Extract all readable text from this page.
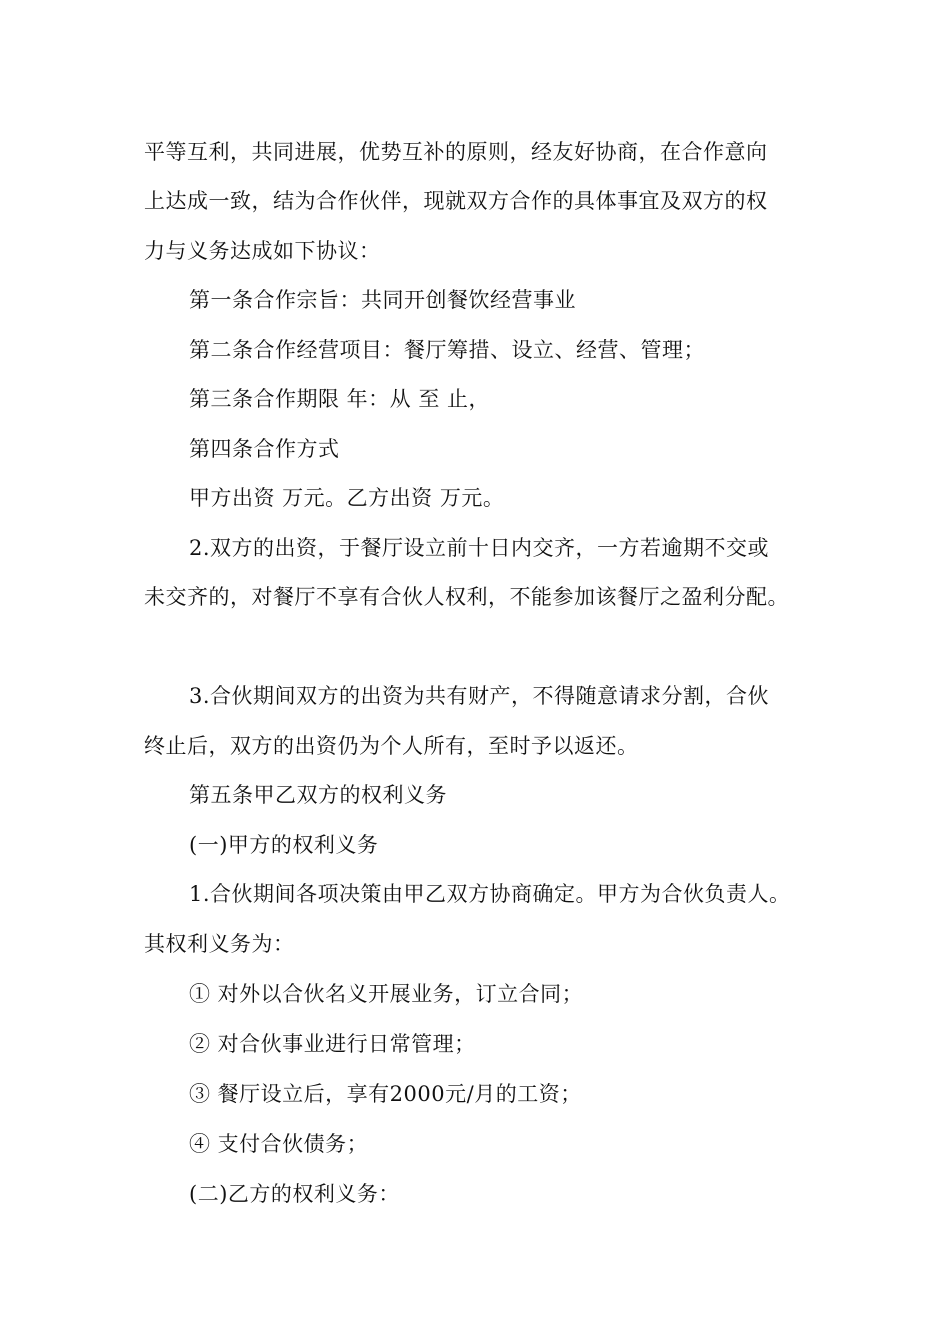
平等互利，共同进展，优势互补的原则，经友好协商，在合作意向
上达成一致，结为合作伙伴，现就双方合作的具体事宜及双方的权
力与义务达成如下协议：
第一条合作宗旨：共同开创餐饮经营事业
第二条合作经营项目：餐厅筹措、设立、经营、管理；
第三条合作期限 年：从 至 止，
第四条合作方式
甲方出资 万元。乙方出资 万元。
2.双方的出资，于餐厅设立前十日内交齐，一方若逾期不交或
未交齐的，对餐厅不享有合伙人权利，不能参加该餐厅之盈利分配。
3.合伙期间双方的出资为共有财产，不得随意请求分割，合伙
终止后，双方的出资仍为个人所有，至时予以返还。
第五条甲乙双方的权利义务
(一)甲方的权利义务
1.合伙期间各项决策由甲乙双方协商确定。甲方为合伙负责人。
其权利义务为：
① 对外以合伙名义开展业务，订立合同；
② 对合伙事业进行日常管理；
③ 餐厅设立后，享有2000元/月的工资；
④ 支付合伙债务；
(二)乙方的权利义务：
